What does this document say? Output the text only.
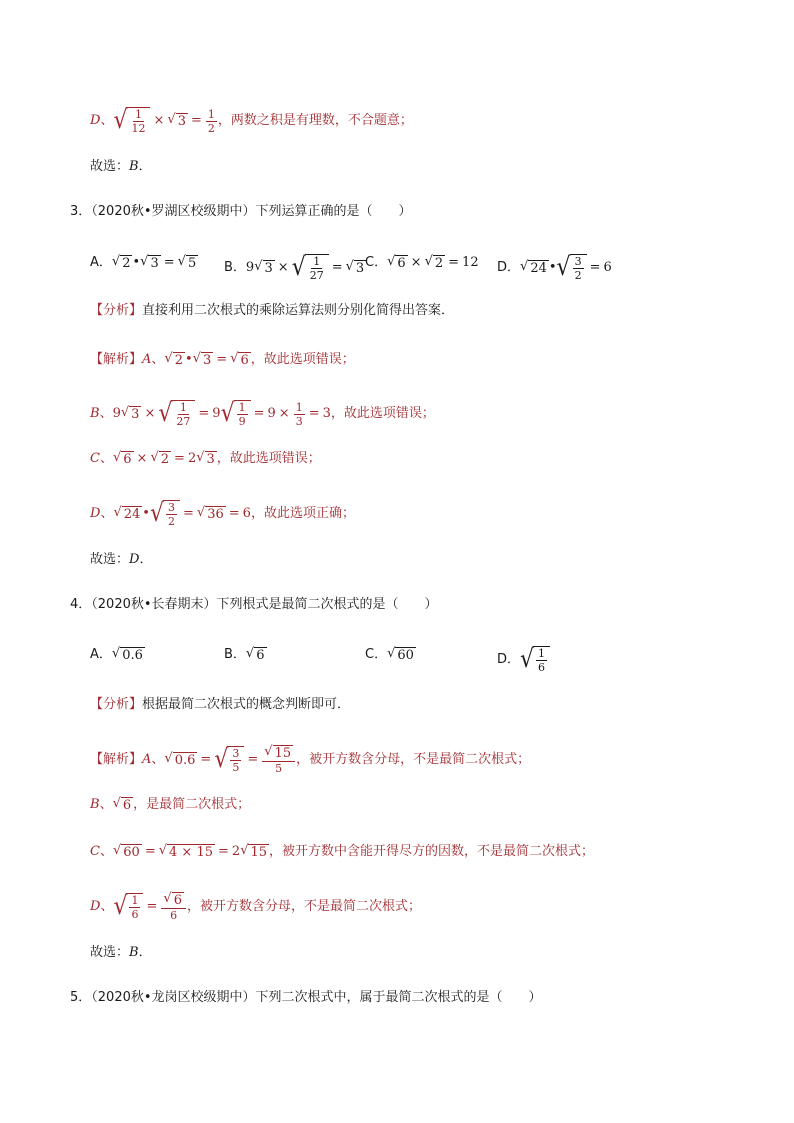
D 、 √ $\frac{1}{12}$ × √ $3 = \frac{1}{2}$ ，两数之积是有理数，不合题意；
故选： B ．
3．（2020秋•罗湖区校级期中）下列运算正确的是（　　）
A． √ 2 • √ 3 = √ 5 B． 9 √ 3 × √ $\frac{1}{27}$ = √ 3 C． √ 6 × √ 2 = 12 D． √ 24 • √ $\frac{3}{2} = 6$
【分析】 直接利用二次根式的乘除运算法则分别化简得出答案．
【解析】 A 、 √ 2 • √ 3 = √ 6 ，故此选项错误；
B 、 9 √ 3 × √ $\frac{1}{27} = 9$ √ $\frac{1}{9} = 9 \times \frac{1}{3} = 3$ ，故此选项错误；
C 、 √ 6 × √ 2 = 2 √ 3 ，故此选项错误；
D 、 √ 24 • √ $\frac{3}{2}$ = √ 36 = 6 ，故此选项正确；
故选： D ．
4．（2020秋•长春期末）下列根式是最简二次根式的是（　　）
A． √ 0.6	B． √ 6	C． √ 60	D． √ $\frac{1}{6}$
【分析】 根据最简二次根式的概念判断即可．
【解析】 A 、 √ 0.6 = √ $\frac{3}{5} = \frac{√ 15}{5}$ ，被开方数含分母，不是最简二次根式；
B 、 √ 6 ，是最简二次根式；
C 、 √ 60 = √ 4 × 15 = 2 √ 15 ，被开方数中含能开得尽方的因数，不是最简二次根式；
D 、 √ $\frac{1}{6} = \frac{√ 6}{6}$ ，被开方数含分母，不是最简二次根式；
故选： B ．
5．（2020秋•龙岗区校级期中）下列二次根式中，属于最简二次根式的是（　　）
